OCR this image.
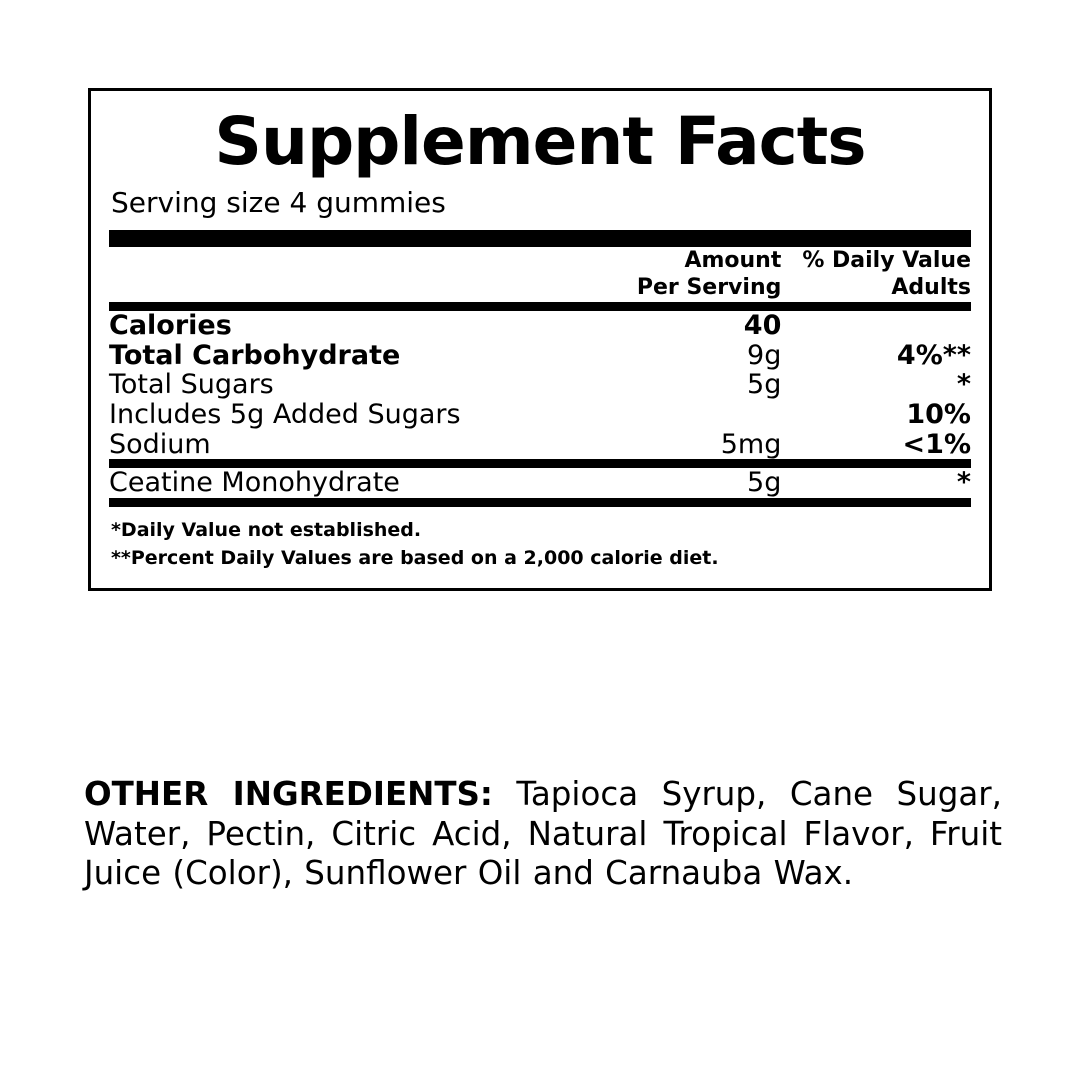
Supplement Facts
Serving size 4 gummies

Amount
Per Serving

% Daily Value
Adults
Calories	40	
Total Carbohydrate	9g	4%**
Total Sugars	5g	*
Includes 5g Added Sugars		10%
Sodium	5mg	<1%
Ceatine Monohydrate	5g	*
*Daily Value not established.
**Percent Daily Values are based on a 2,000 calorie diet.
OTHER INGREDIENTS: Tapioca Syrup, Cane Sugar, Water, Pectin, Citric Acid, Natural Tropical Flavor, Fruit Juice (Color), Sunflower Oil and Carnauba Wax.
